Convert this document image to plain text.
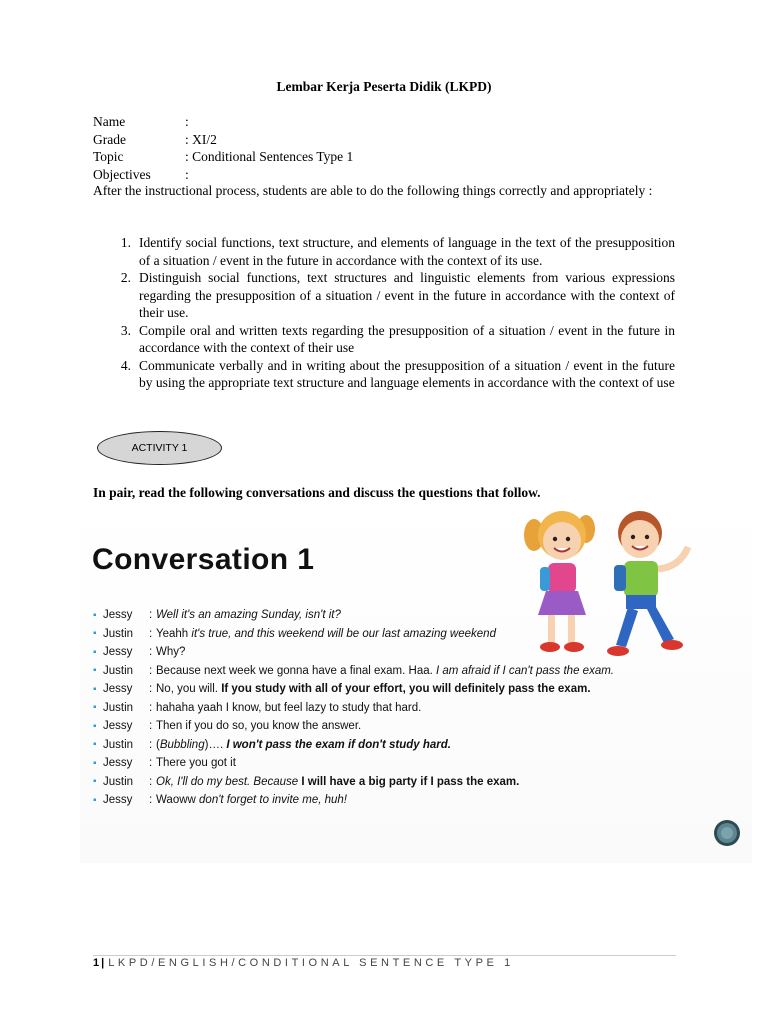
Lembar Kerja Peserta Didik (LKPD)
Name	:
Grade	: XI/2
Topic	: Conditional Sentences Type 1
Objectives	:
After the instructional process, students are able to do the following things correctly and appropriately :
1. Identify social functions, text structure, and elements of language in the text of the presupposition of a situation / event in the future in accordance with the context of its use.
2. Distinguish social functions, text structures and linguistic elements from various expressions regarding the presupposition of a situation / event in the future in accordance with the context of their use.
3. Compile oral and written texts regarding the presupposition of a situation / event in the future in accordance with the context of their use
4. Communicate verbally and in writing about the presupposition of a situation / event in the future by using the appropriate text structure and language elements in accordance with the context of use
ACTIVITY 1
In pair, read the following conversations and discuss the questions that follow.
Conversation 1
▪ Jessy	: Well it's an amazing Sunday, isn't it?
▪ Justin	: Yeahh it's true, and this weekend will be our last amazing weekend
▪ Jessy	: Why?
▪ Justin	: Because next week we gonna have a final exam. Haa. I am afraid if I can't pass the exam.
▪ Jessy	: No, you will. If you study with all of your effort, you will definitely pass the exam.
▪ Justin	: hahaha yaah I know, but feel lazy to study that hard.
▪ Jessy	: Then if you do so, you know the answer.
▪ Justin	: (Bubbling)…. I won't pass the exam if don't study hard.
▪ Jessy	: There you got it
▪ Justin	: Ok, I'll do my best. Because I will have a big party if I pass the exam.
▪ Jessy	: Waoww don't forget to invite me, huh!
1 | LKPD/ENGLISH/CONDITIONAL SENTENCE TYPE 1
